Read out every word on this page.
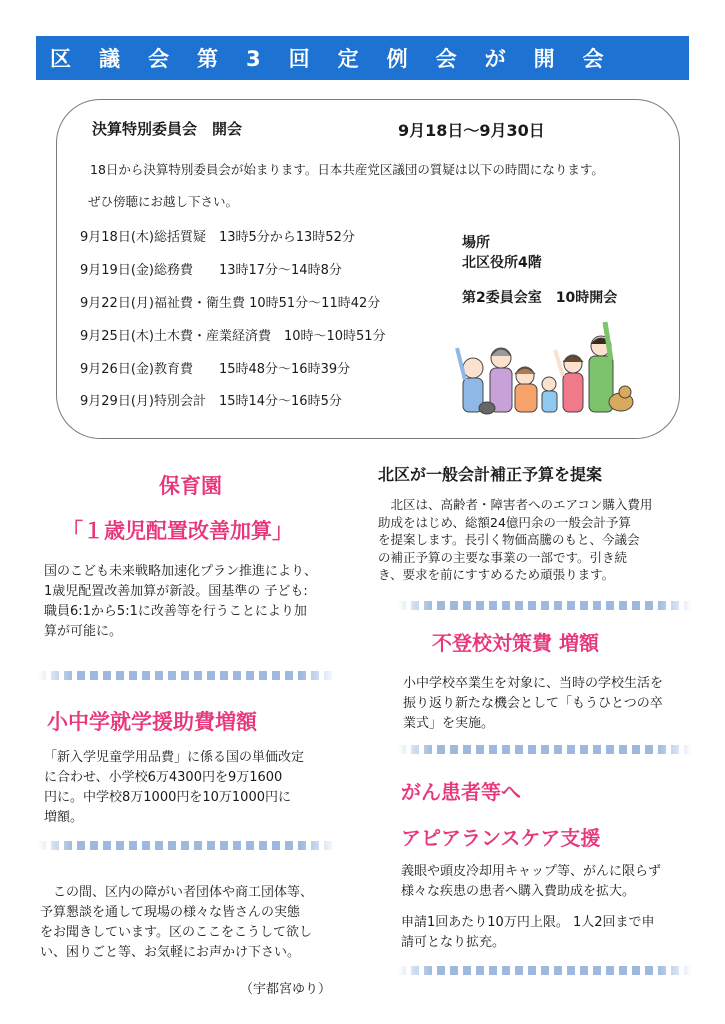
区議会第3回定例会が開会
決算特別委員会　開会	9月18日～9月30日
18日から決算特別委員会が始まります。日本共産党区議団の質疑は以下の時間になります。
ぜひ傍聴にお越し下さい。
9月18日(木)総括質疑　13時5分から13時52分
9月19日(金)総務費　　13時17分～14時8分
9月22日(月)福祉費・衛生費 10時51分～11時42分
9月25日(木)土木費・産業経済費　10時～10時51分
9月26日(金)教育費　　15時48分～16時39分
9月29日(月)特別会計　15時14分～16時5分
場所
北区役所4階
第2委員会室　10時開会
保育園
「１歳児配置改善加算」
国のこども未来戦略加速化プラン推進により、
1歳児配置改善加算が新設。国基準の 子ども:
職員6:1から5:1に改善等を行うことにより加
算が可能に。
小中学就学援助費増額
「新入学児童学用品費」に係る国の単価改定
に合わせ、小学校6万4300円を9万1600
円に。中学校8万1000円を10万1000円に
増額。
　この間、区内の障がい者団体や商工団体等、
予算懇談を通して現場の様々な皆さんの実態
をお聞きしています。区のここをこうして欲し
い、困りごと等、お気軽にお声かけ下さい。
（宇都宮ゆり）
北区が一般会計補正予算を提案
　北区は、高齢者・障害者へのエアコン購入費用
助成をはじめ、総額24億円余の一般会計予算
を提案します。長引く物価高騰のもと、今議会
の補正予算の主要な事業の一部です。引き続
き、要求を前にすすめるため頑張ります。
不登校対策費 増額
小中学校卒業生を対象に、当時の学校生活を
振り返り新たな機会として「もうひとつの卒
業式」を実施。
がん患者等へ
アピアランスケア支援
義眼や頭皮冷却用キャップ等、がんに限らず
様々な疾患の患者へ購入費助成を拡大。
申請1回あたり10万円上限。 1人2回まで申
請可となり拡充。
